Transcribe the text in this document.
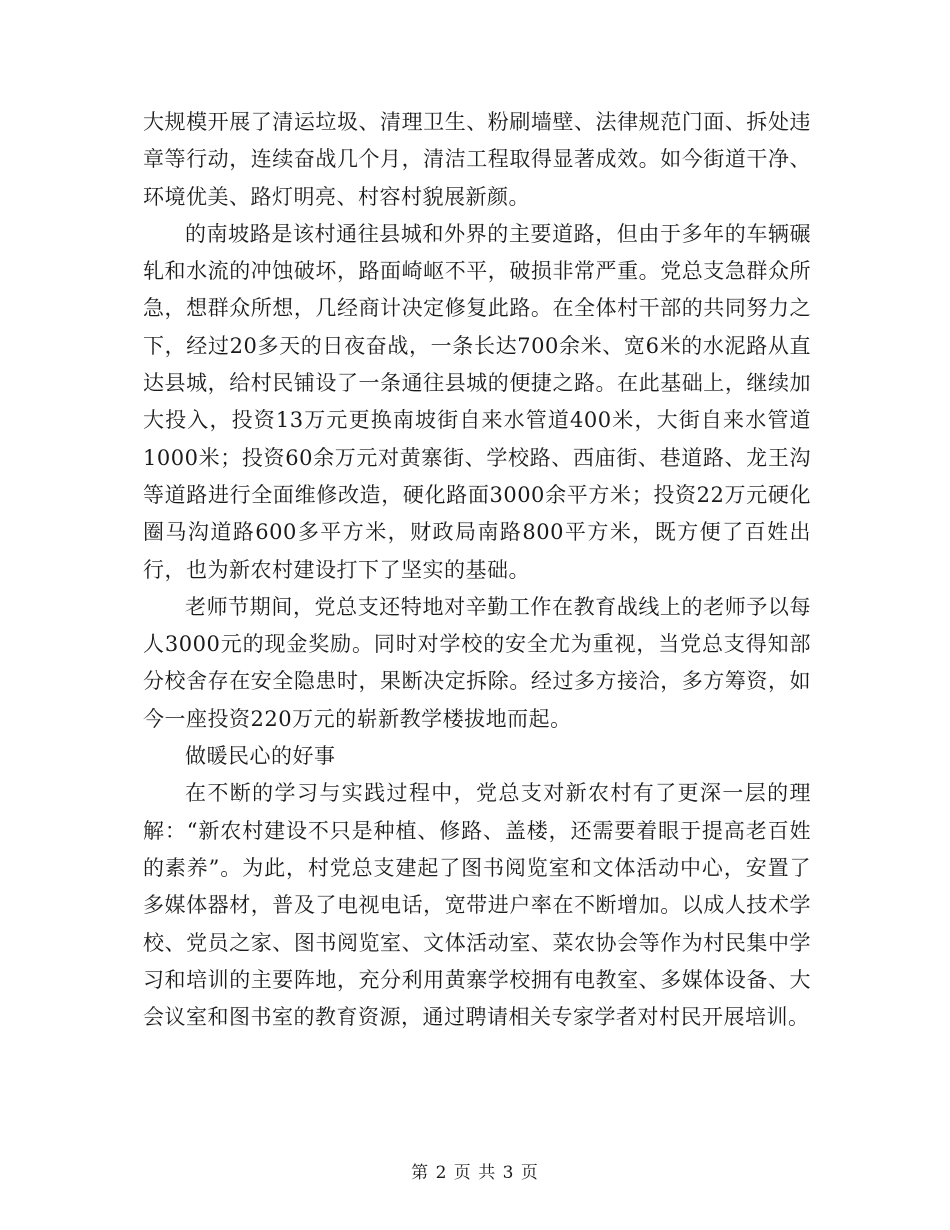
大规模开展了清运垃圾、清理卫生、粉刷墙壁、法律规范门面、拆处违章等行动，连续奋战几个月，清洁工程取得显著成效。如今街道干净、环境优美、路灯明亮、村容村貌展新颜。

的南坡路是该村通往县城和外界的主要道路，但由于多年的车辆碾轧和水流的冲蚀破坏，路面崎岖不平，破损非常严重。党总支急群众所急，想群众所想，几经商计决定修复此路。在全体村干部的共同努力之下，经过20多天的日夜奋战，一条长达700余米、宽6米的水泥路从直达县城，给村民铺设了一条通往县城的便捷之路。在此基础上，继续加大投入，投资13万元更换南坡街自来水管道400米，大街自来水管道1000米；投资60余万元对黄寨街、学校路、西庙街、巷道路、龙王沟等道路进行全面维修改造，硬化路面3000余平方米；投资22万元硬化圈马沟道路600多平方米，财政局南路800平方米，既方便了百姓出行，也为新农村建设打下了坚实的基础。

老师节期间，党总支还特地对辛勤工作在教育战线上的老师予以每人3000元的现金奖励。同时对学校的安全尤为重视，当党总支得知部分校舍存在安全隐患时，果断决定拆除。经过多方接洽，多方筹资，如今一座投资220万元的崭新教学楼拔地而起。

做暖民心的好事

在不断的学习与实践过程中，党总支对新农村有了更深一层的理解：“新农村建设不只是种植、修路、盖楼，还需要着眼于提高老百姓的素养”。为此，村党总支建起了图书阅览室和文体活动中心，安置了多媒体器材，普及了电视电话，宽带进户率在不断增加。以成人技术学校、党员之家、图书阅览室、文体活动室、菜农协会等作为村民集中学习和培训的主要阵地，充分利用黄寨学校拥有电教室、多媒体设备、大会议室和图书室的教育资源，通过聘请相关专家学者对村民开展培训。

第 2 页 共 3 页
